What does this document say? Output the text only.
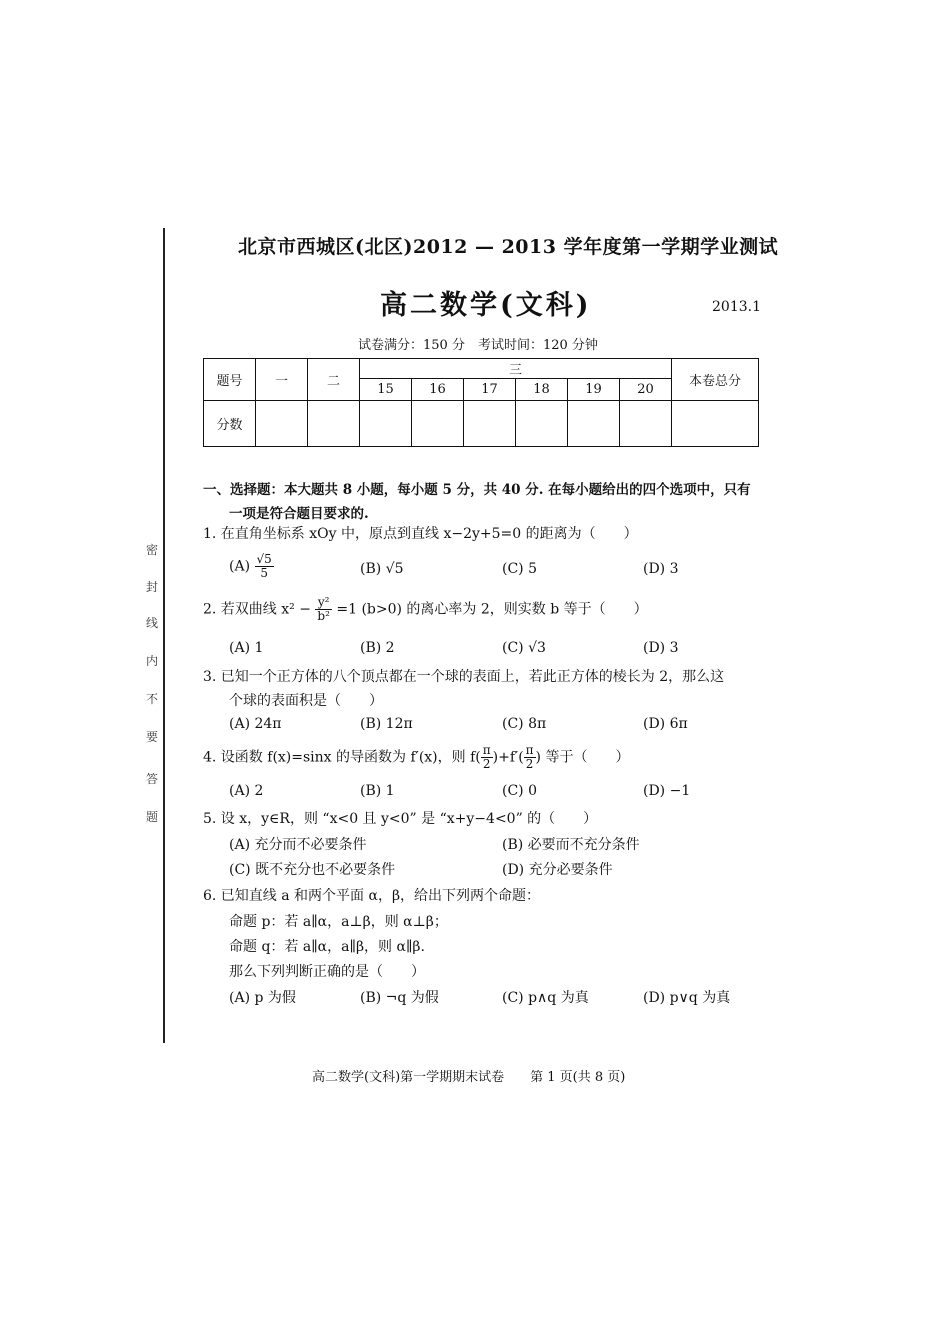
密
封
线
内
不
要
答
题
北京市西城区(北区)2012 — 2013 学年度第一学期学业测试
高二数学(文科)	2013.1
试卷满分：150 分　考试时间：120 分钟
题号	一	二	三						本卷总分
			15	16	17	18	19	20	
分数									
一、选择题：本大题共 8 小题，每小题 5 分，共 40 分. 在每小题给出的四个选项中，只有
一项是符合题目要求的.
1. 在直角坐标系 xOy 中，原点到直线 x−2y+5=0 的距离为（　　）
$(A) \frac{√5}{5}$	(B) √5	(C) 5	(D) 3
2. 若双曲线 $x^2 - \frac{\text{y²}}{\text{b²}} =1$ (b>0) 的离心率为 2，则实数 b 等于（　　）
(A) 1	(B) 2	(C) √3	(D) 3
3. 已知一个正方体的八个顶点都在一个球的表面上，若此正方体的棱长为 2，那么这
个球的表面积是（　　）
(A) 24π	(B) 12π	(C) 8π	(D) 6π
4. 设函数 f(x)=sinx 的导函数为 f′(x)，则 $f( \frac{\pi}{2} )+f'( \frac{\pi}{2}$ ) 等于（　　）
(A) 2	(B) 1	(C) 0	(D) −1
5. 设 x，y∈R，则 “x<0 且 y<0” 是 “x+y−4<0” 的（　　）
(A) 充分而不必要条件	(B) 必要而不充分条件
(C) 既不充分也不必要条件	(D) 充分必要条件
6. 已知直线 a 和两个平面 α，β，给出下列两个命题：
命题 p：若 a∥α，a⊥β，则 α⊥β；
命题 q：若 a∥α，a∥β，则 α∥β.
那么下列判断正确的是（　　）
(A) p 为假	(B) ¬q 为假	(C) p∧q 为真	(D) p∨q 为真
高二数学(文科)第一学期期末试卷　　第 1 页(共 8 页)
